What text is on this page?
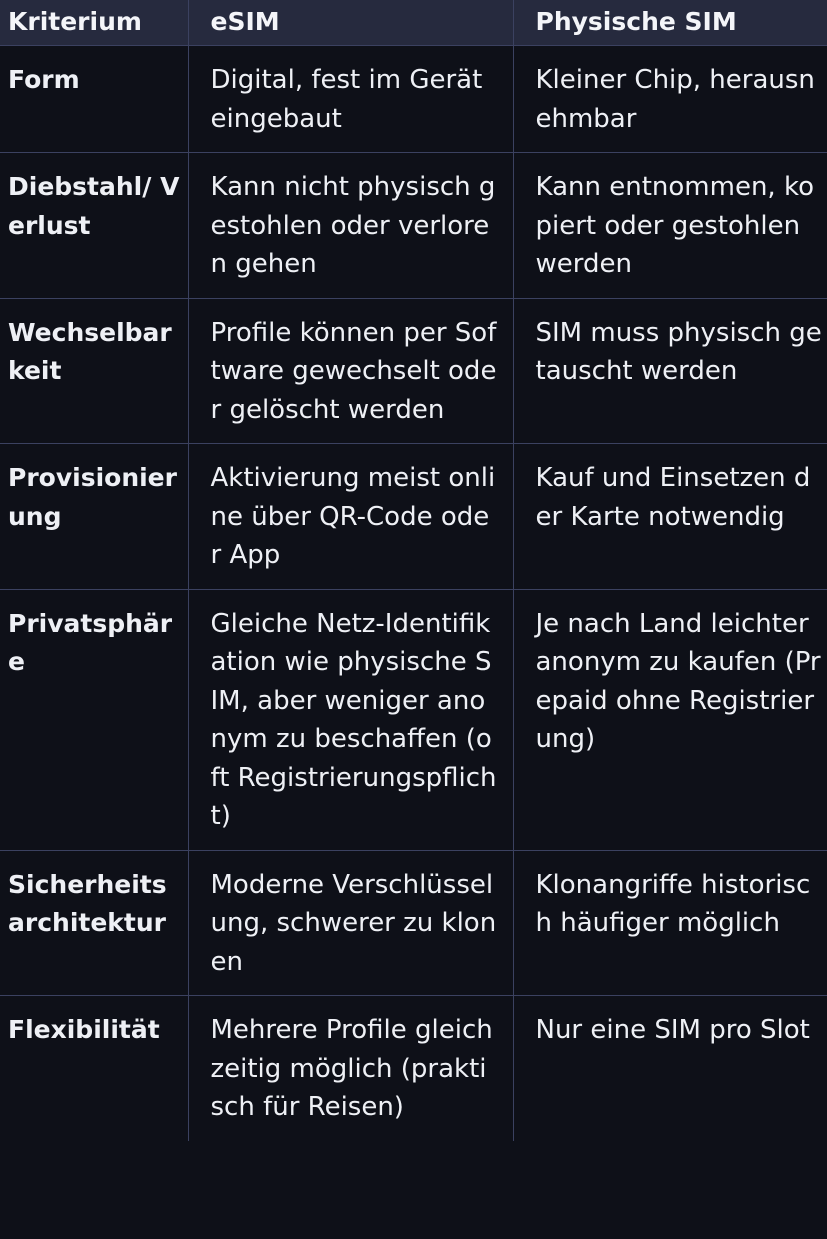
Kriterium	eSIM	Physische SIM
Form	Digital, fest im Gerät eingebaut	Kleiner Chip, herausnehmbar
Diebstahl/ Verlust	Kann nicht physisch gestohlen oder verloren gehen	Kann entnommen, kopiert oder gestohlen werden
Wechselbarkeit	Profile können per Software gewechselt oder gelöscht werden	SIM muss physisch getauscht werden
Provisionierung	Aktivierung meist online über QR-Code oder App	Kauf und Einsetzen der Karte notwendig
Privatsphäre	Gleiche Netz-Identifikation wie physische SIM, aber weniger anonym zu beschaffen (oft Registrierungspflicht)	Je nach Land leichter anonym zu kaufen (Prepaid ohne Registrierung)
Sicherheitsarchitektur	Moderne Verschlüsselung, schwerer zu klonen	Klonangriffe historisch häufiger möglich
Flexibilität	Mehrere Profile gleichzeitig möglich (praktisch für Reisen)	Nur eine SIM pro Slot
